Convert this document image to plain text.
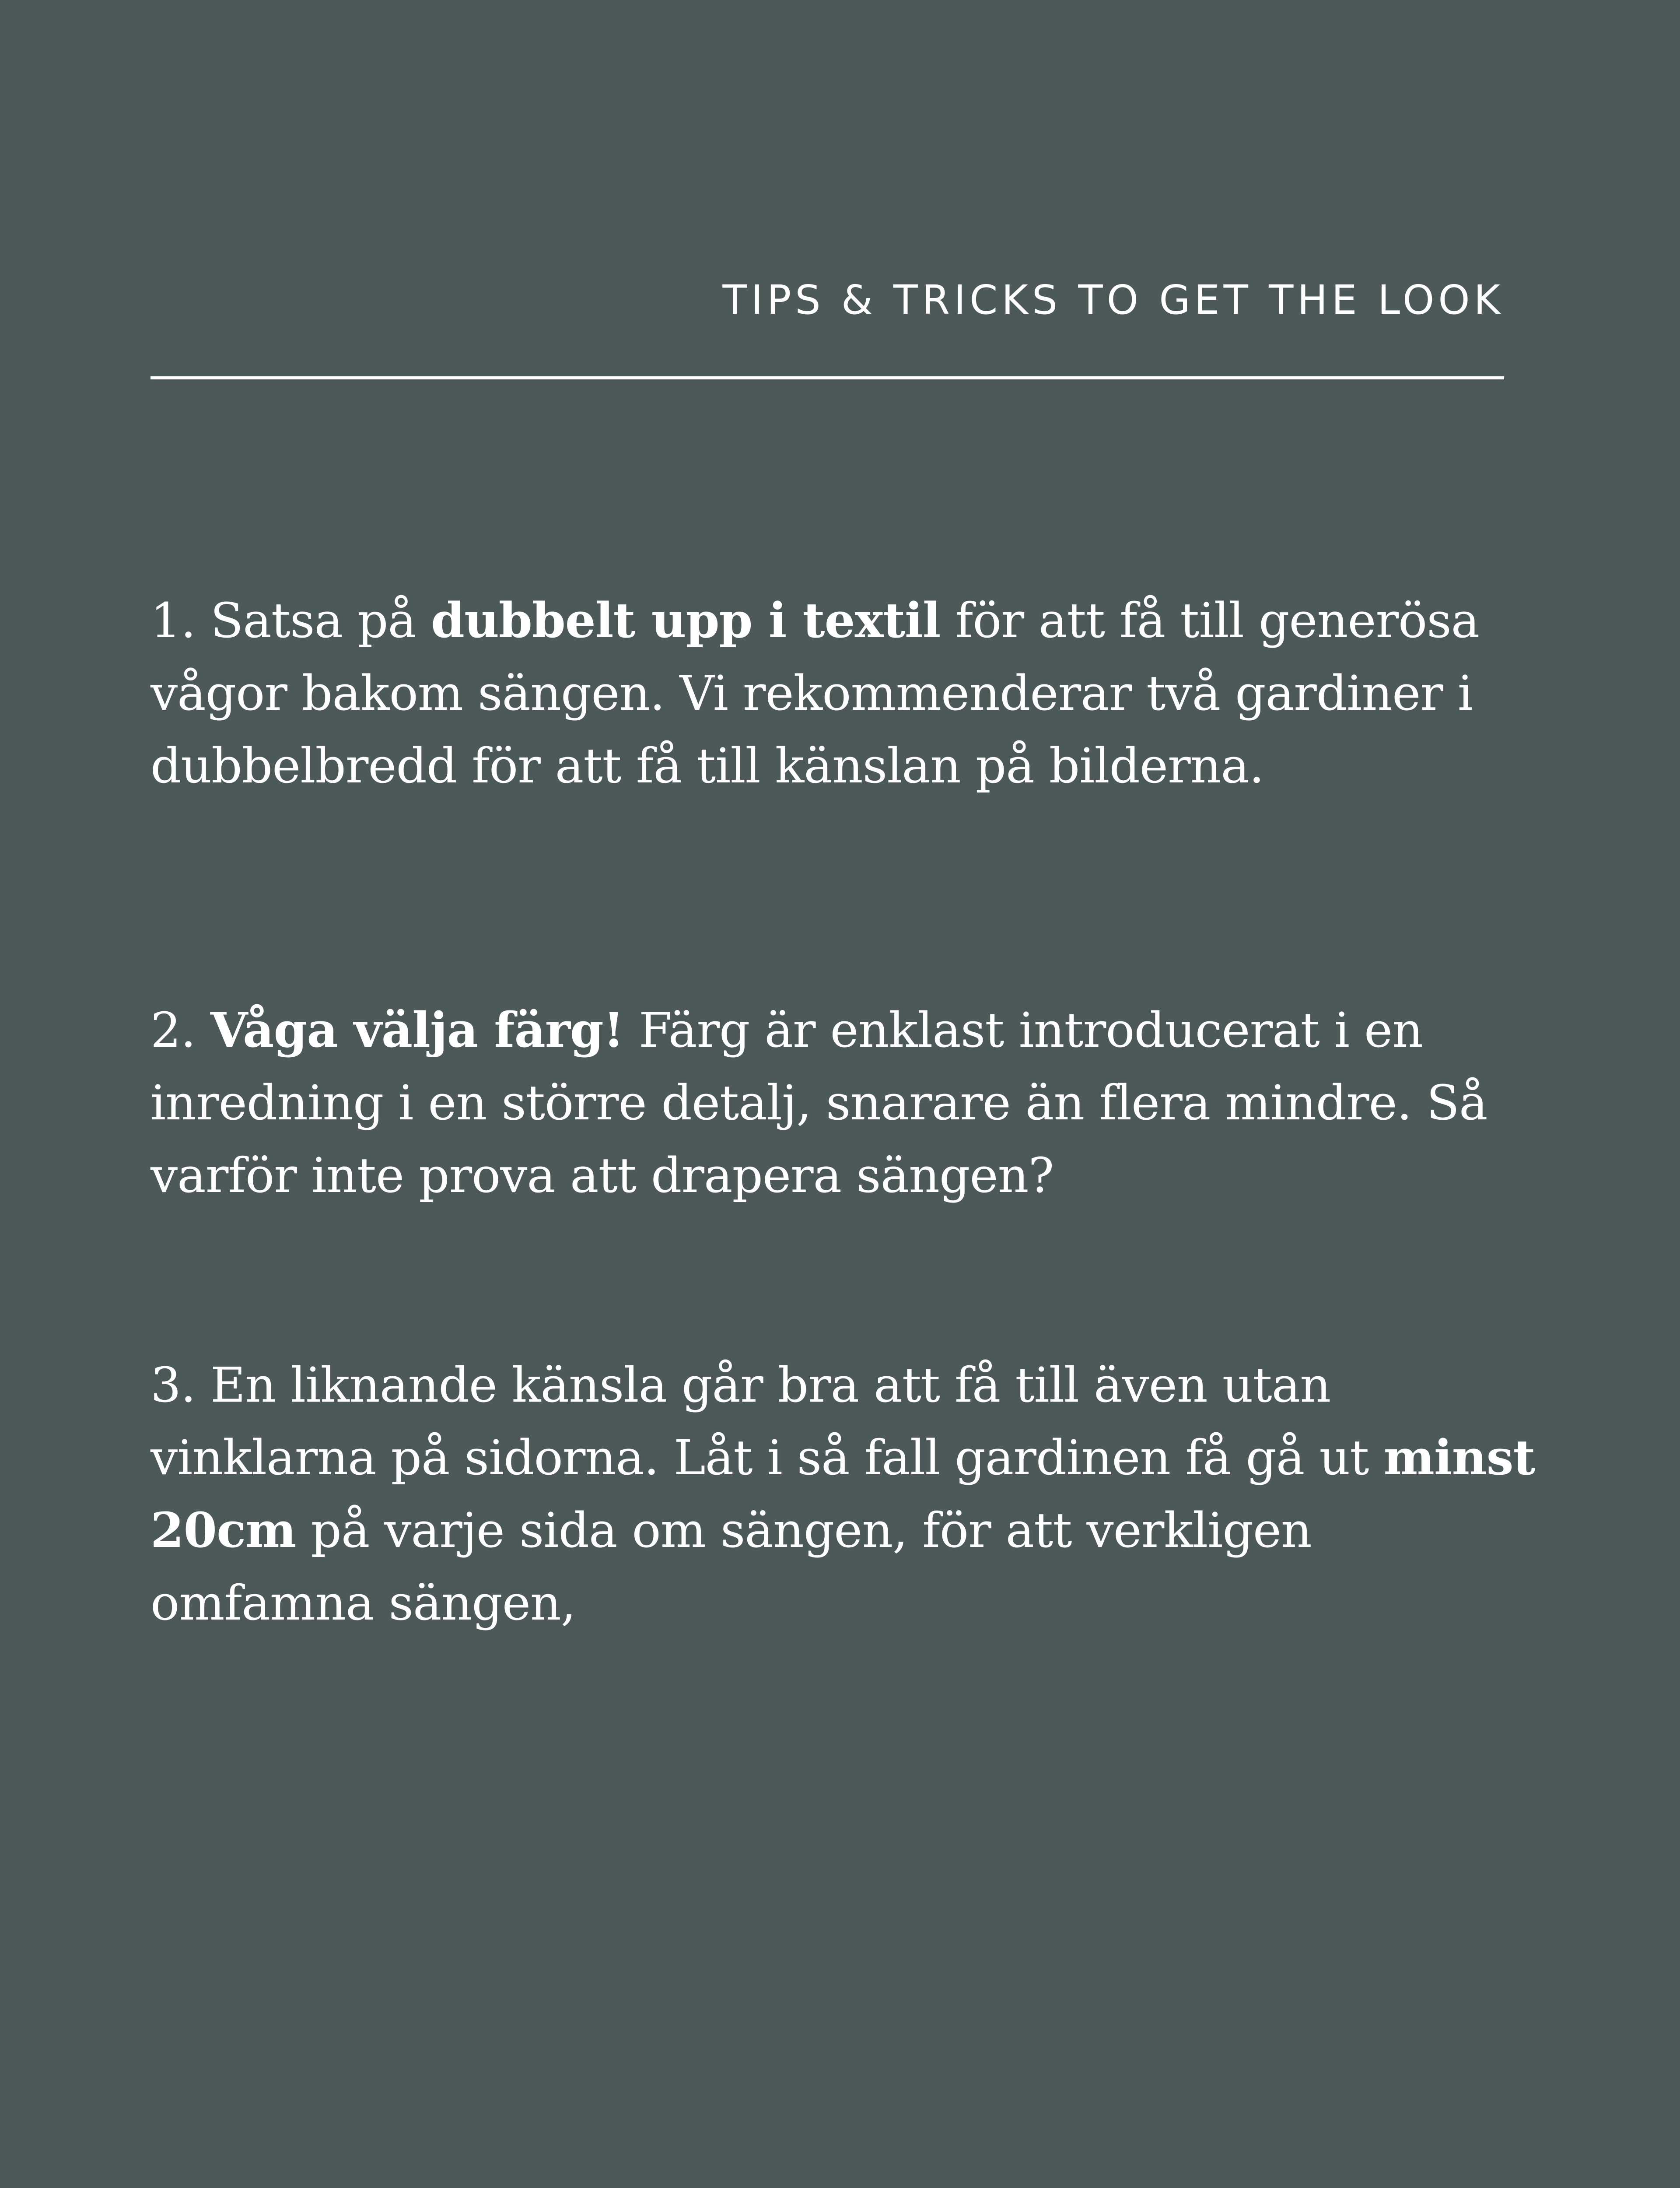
TIPS & TRICKS TO GET THE LOOK

1. Satsa på dubbelt upp i textil för att få till generösa vågor bakom sängen. Vi rekommenderar två gardiner i dubbelbredd för att få till känslan på bilderna.

2. Våga välja färg! Färg är enklast introducerat i en inredning i en större detalj, snarare än flera mindre. Så varför inte prova att drapera sängen?

3. En liknande känsla går bra att få till även utan vinklarna på sidorna. Låt i så fall gardinen få gå ut minst 20cm på varje sida om sängen, för att verkligen omfamna sängen,
